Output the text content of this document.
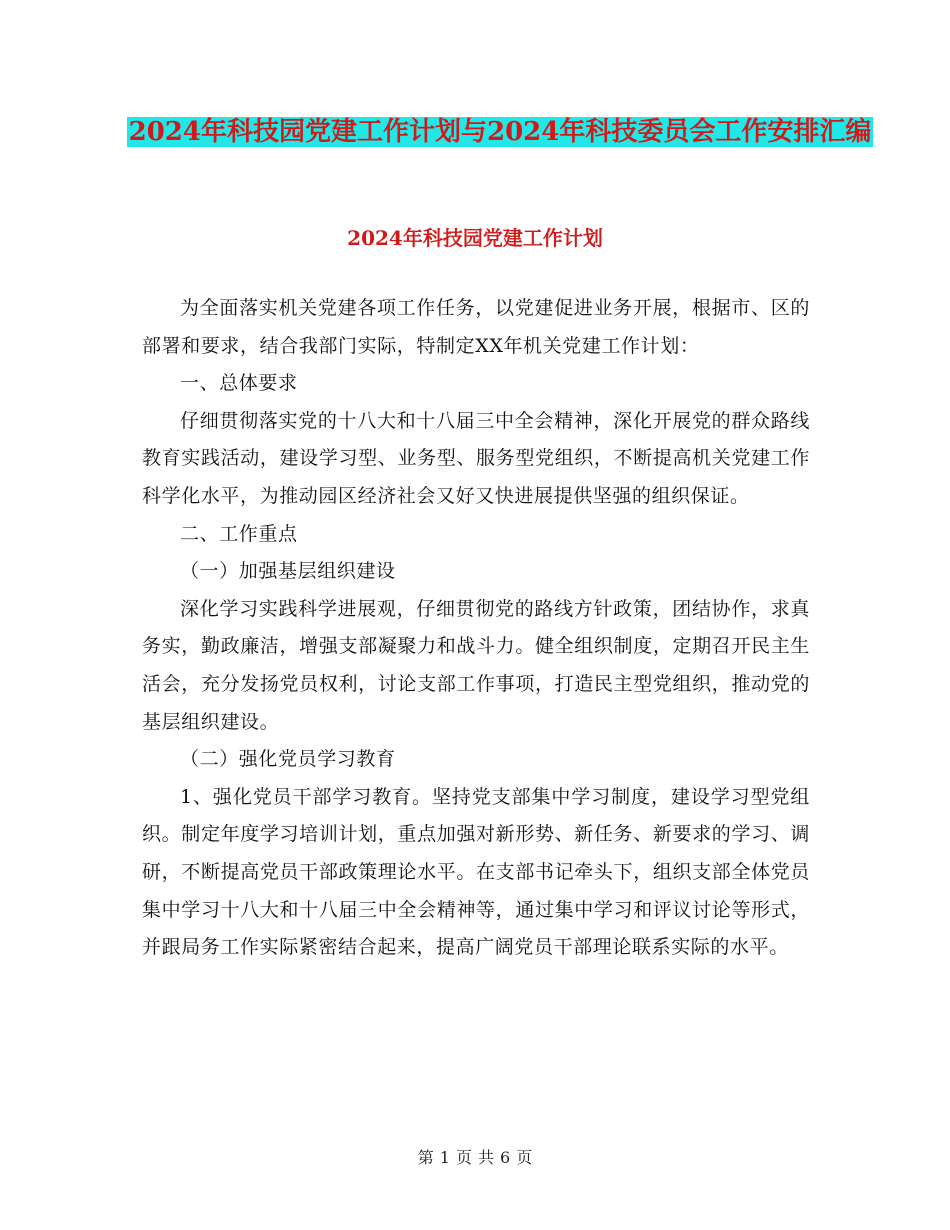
2024年科技园党建工作计划与2024年科技委员会工作安排汇编
2024年科技园党建工作计划

为全面落实机关党建各项工作任务，以党建促进业务开展，根据市、区的部署和要求，结合我部门实际，特制定XX年机关党建工作计划：

一、总体要求

仔细贯彻落实党的十八大和十八届三中全会精神，深化开展党的群众路线教育实践活动，建设学习型、业务型、服务型党组织，不断提高机关党建工作科学化水平，为推动园区经济社会又好又快进展提供坚强的组织保证。

二、工作重点

（一）加强基层组织建设

深化学习实践科学进展观，仔细贯彻党的路线方针政策，团结协作，求真务实，勤政廉洁，增强支部凝聚力和战斗力。健全组织制度，定期召开民主生活会，充分发扬党员权利，讨论支部工作事项，打造民主型党组织，推动党的基层组织建设。

（二）强化党员学习教育

1、强化党员干部学习教育。坚持党支部集中学习制度，建设学习型党组织。制定年度学习培训计划，重点加强对新形势、新任务、新要求的学习、调研，不断提高党员干部政策理论水平。在支部书记牵头下，组织支部全体党员集中学习十八大和十八届三中全会精神等，通过集中学习和评议讨论等形式，并跟局务工作实际紧密结合起来，提高广阔党员干部理论联系实际的水平。

第 1 页 共 6 页
